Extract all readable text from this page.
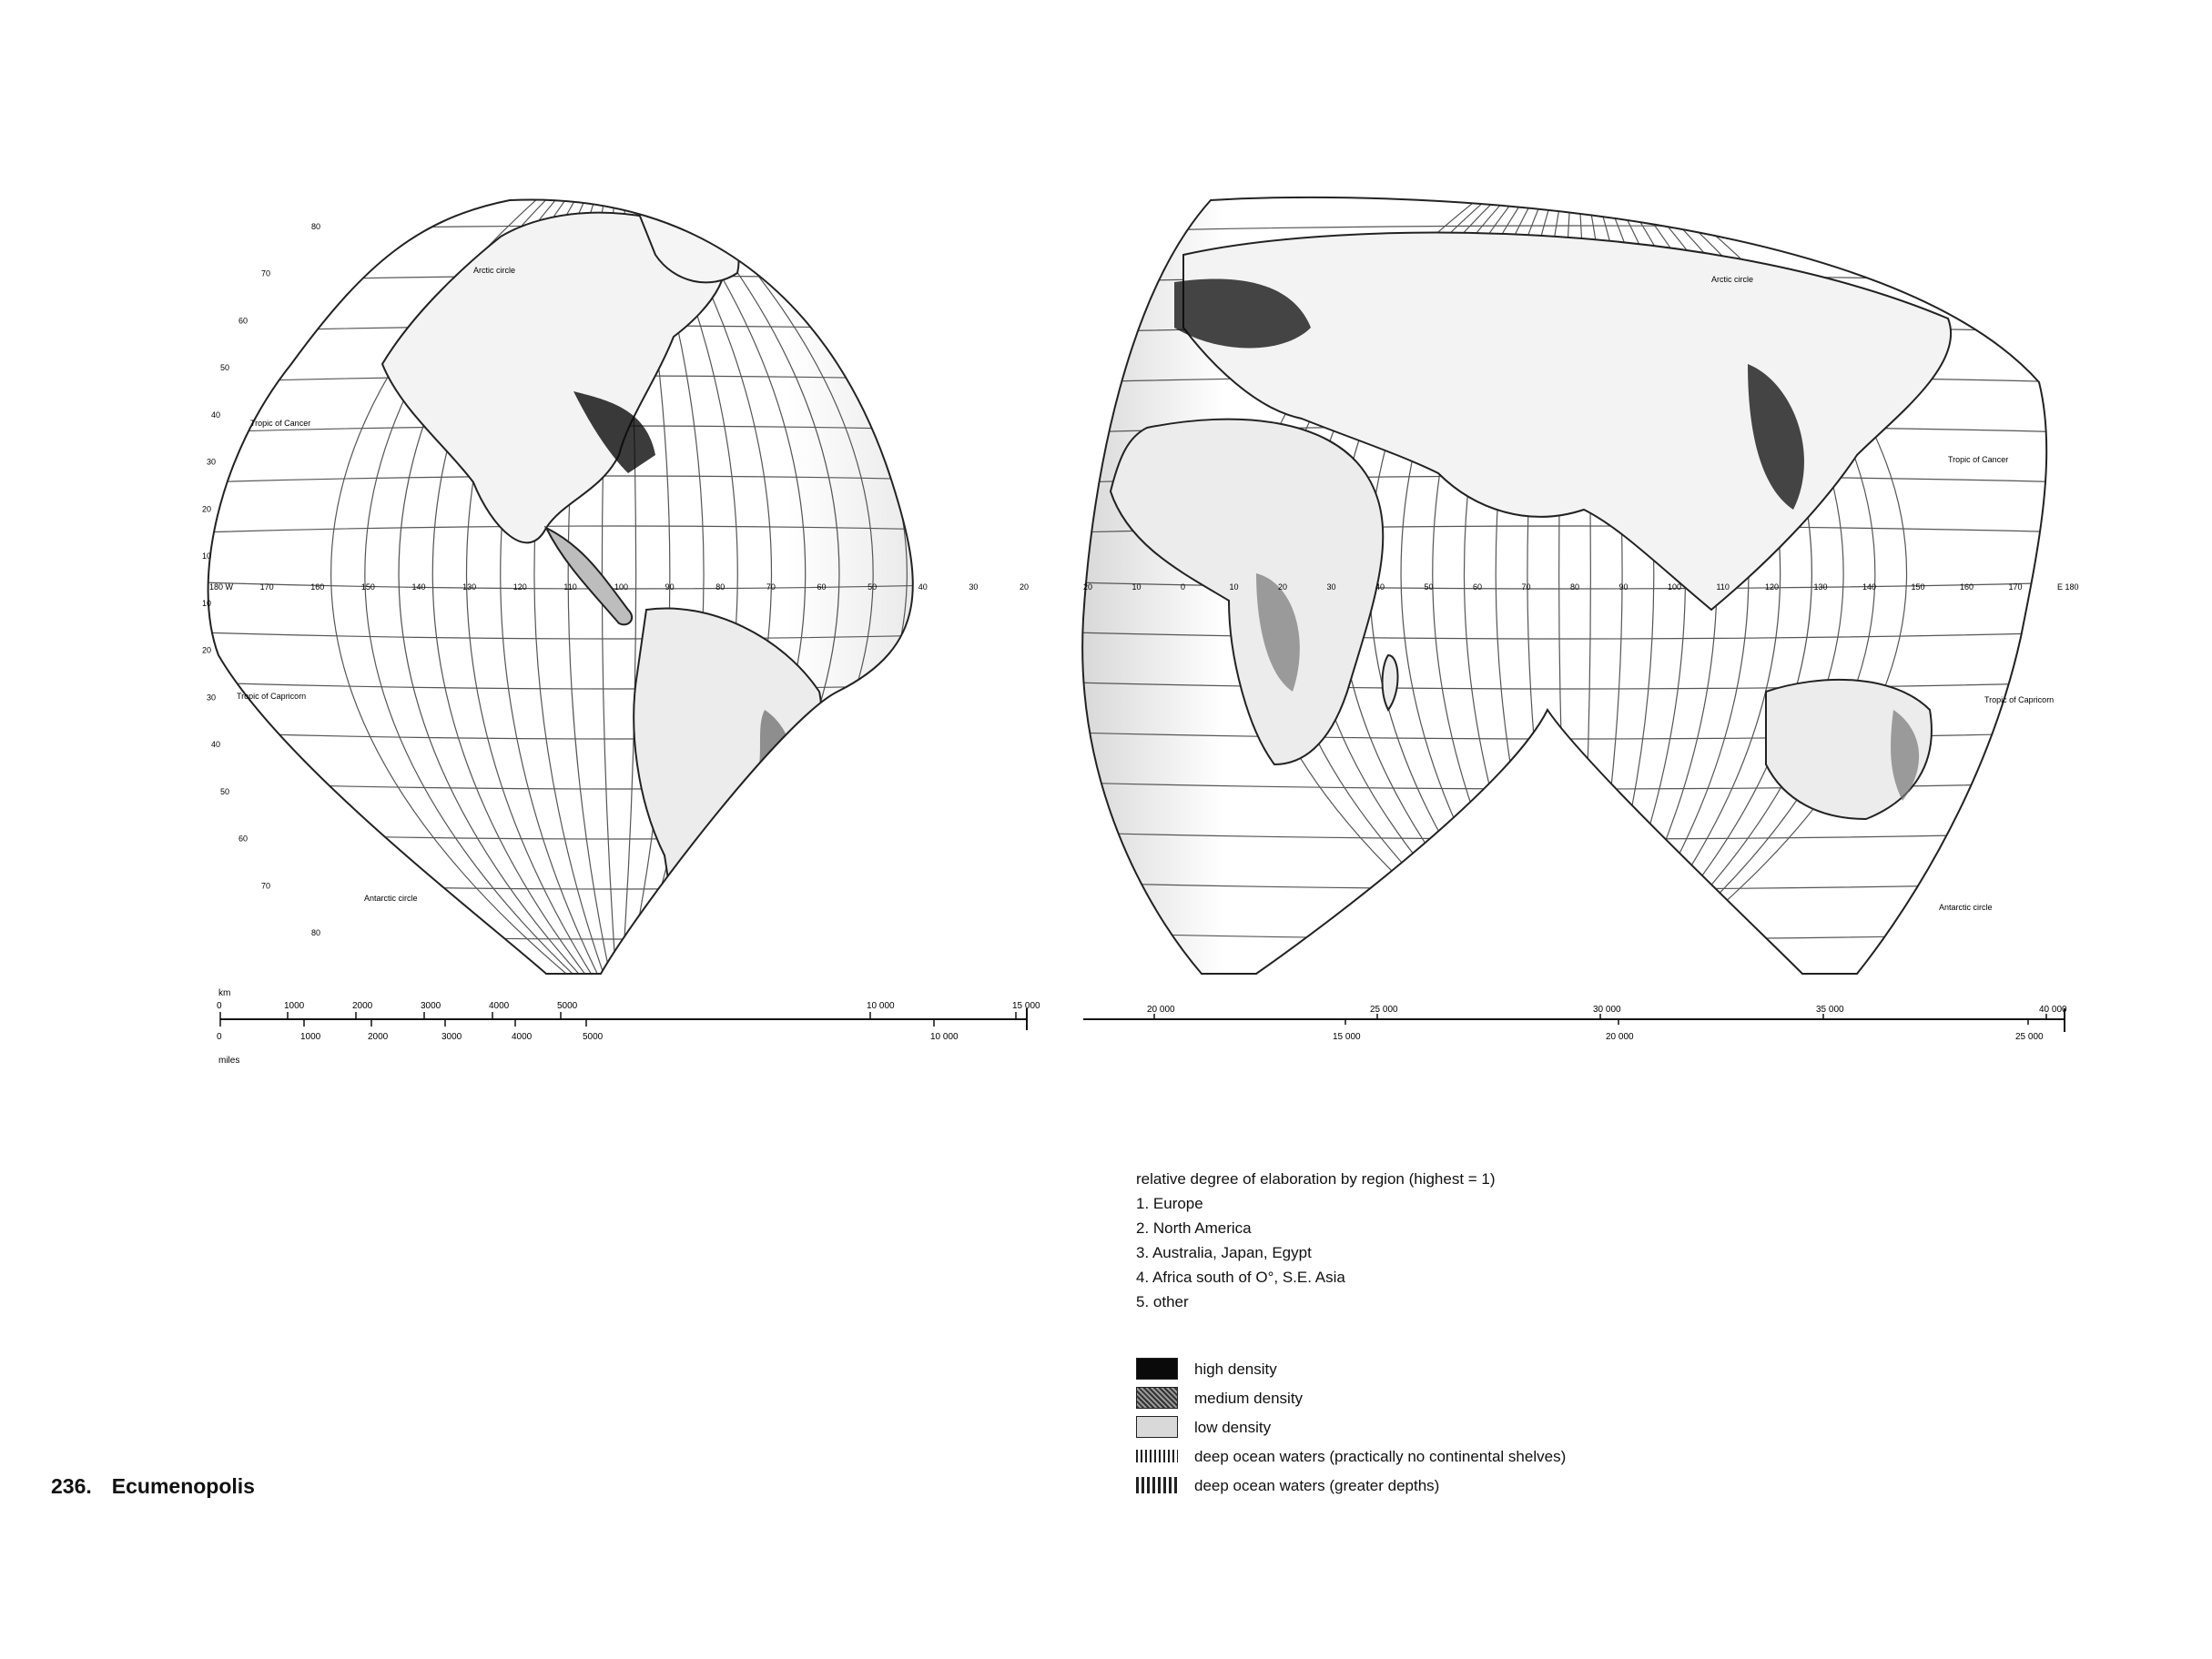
Arctic circle
Tropic of Cancer
Tropic of Capricorn
Antarctic circle
180 W	170	160	150	140	130	120	110	100	90	80	70	60	50	40	30	20
80
70
60
50
40
30
20
10
10
20
30
40
50
60
70
80
Arctic circle
Tropic of Cancer
Tropic of Capricorn
Antarctic circle
20	10	0	10	20	30	40	50	60	70	80	90	100	110	120	130	140	150	160	170	E 180
km
0	1000	2000	3000	4000	5000	10 000	15 000
0	1000	2000	3000	4000	5000	10 000
miles
20 000	25 000	30 000	35 000	40 000
15 000	20 000	25 000
relative degree of elaboration by region (highest = 1)
1. Europe
2. North America
3. Australia, Japan, Egypt
4. Africa south of O°, S.E. Asia
5. other
high density
medium density
low density
deep ocean waters (practically no continental shelves)
deep ocean waters (greater depths)
236. Ecumenopolis
